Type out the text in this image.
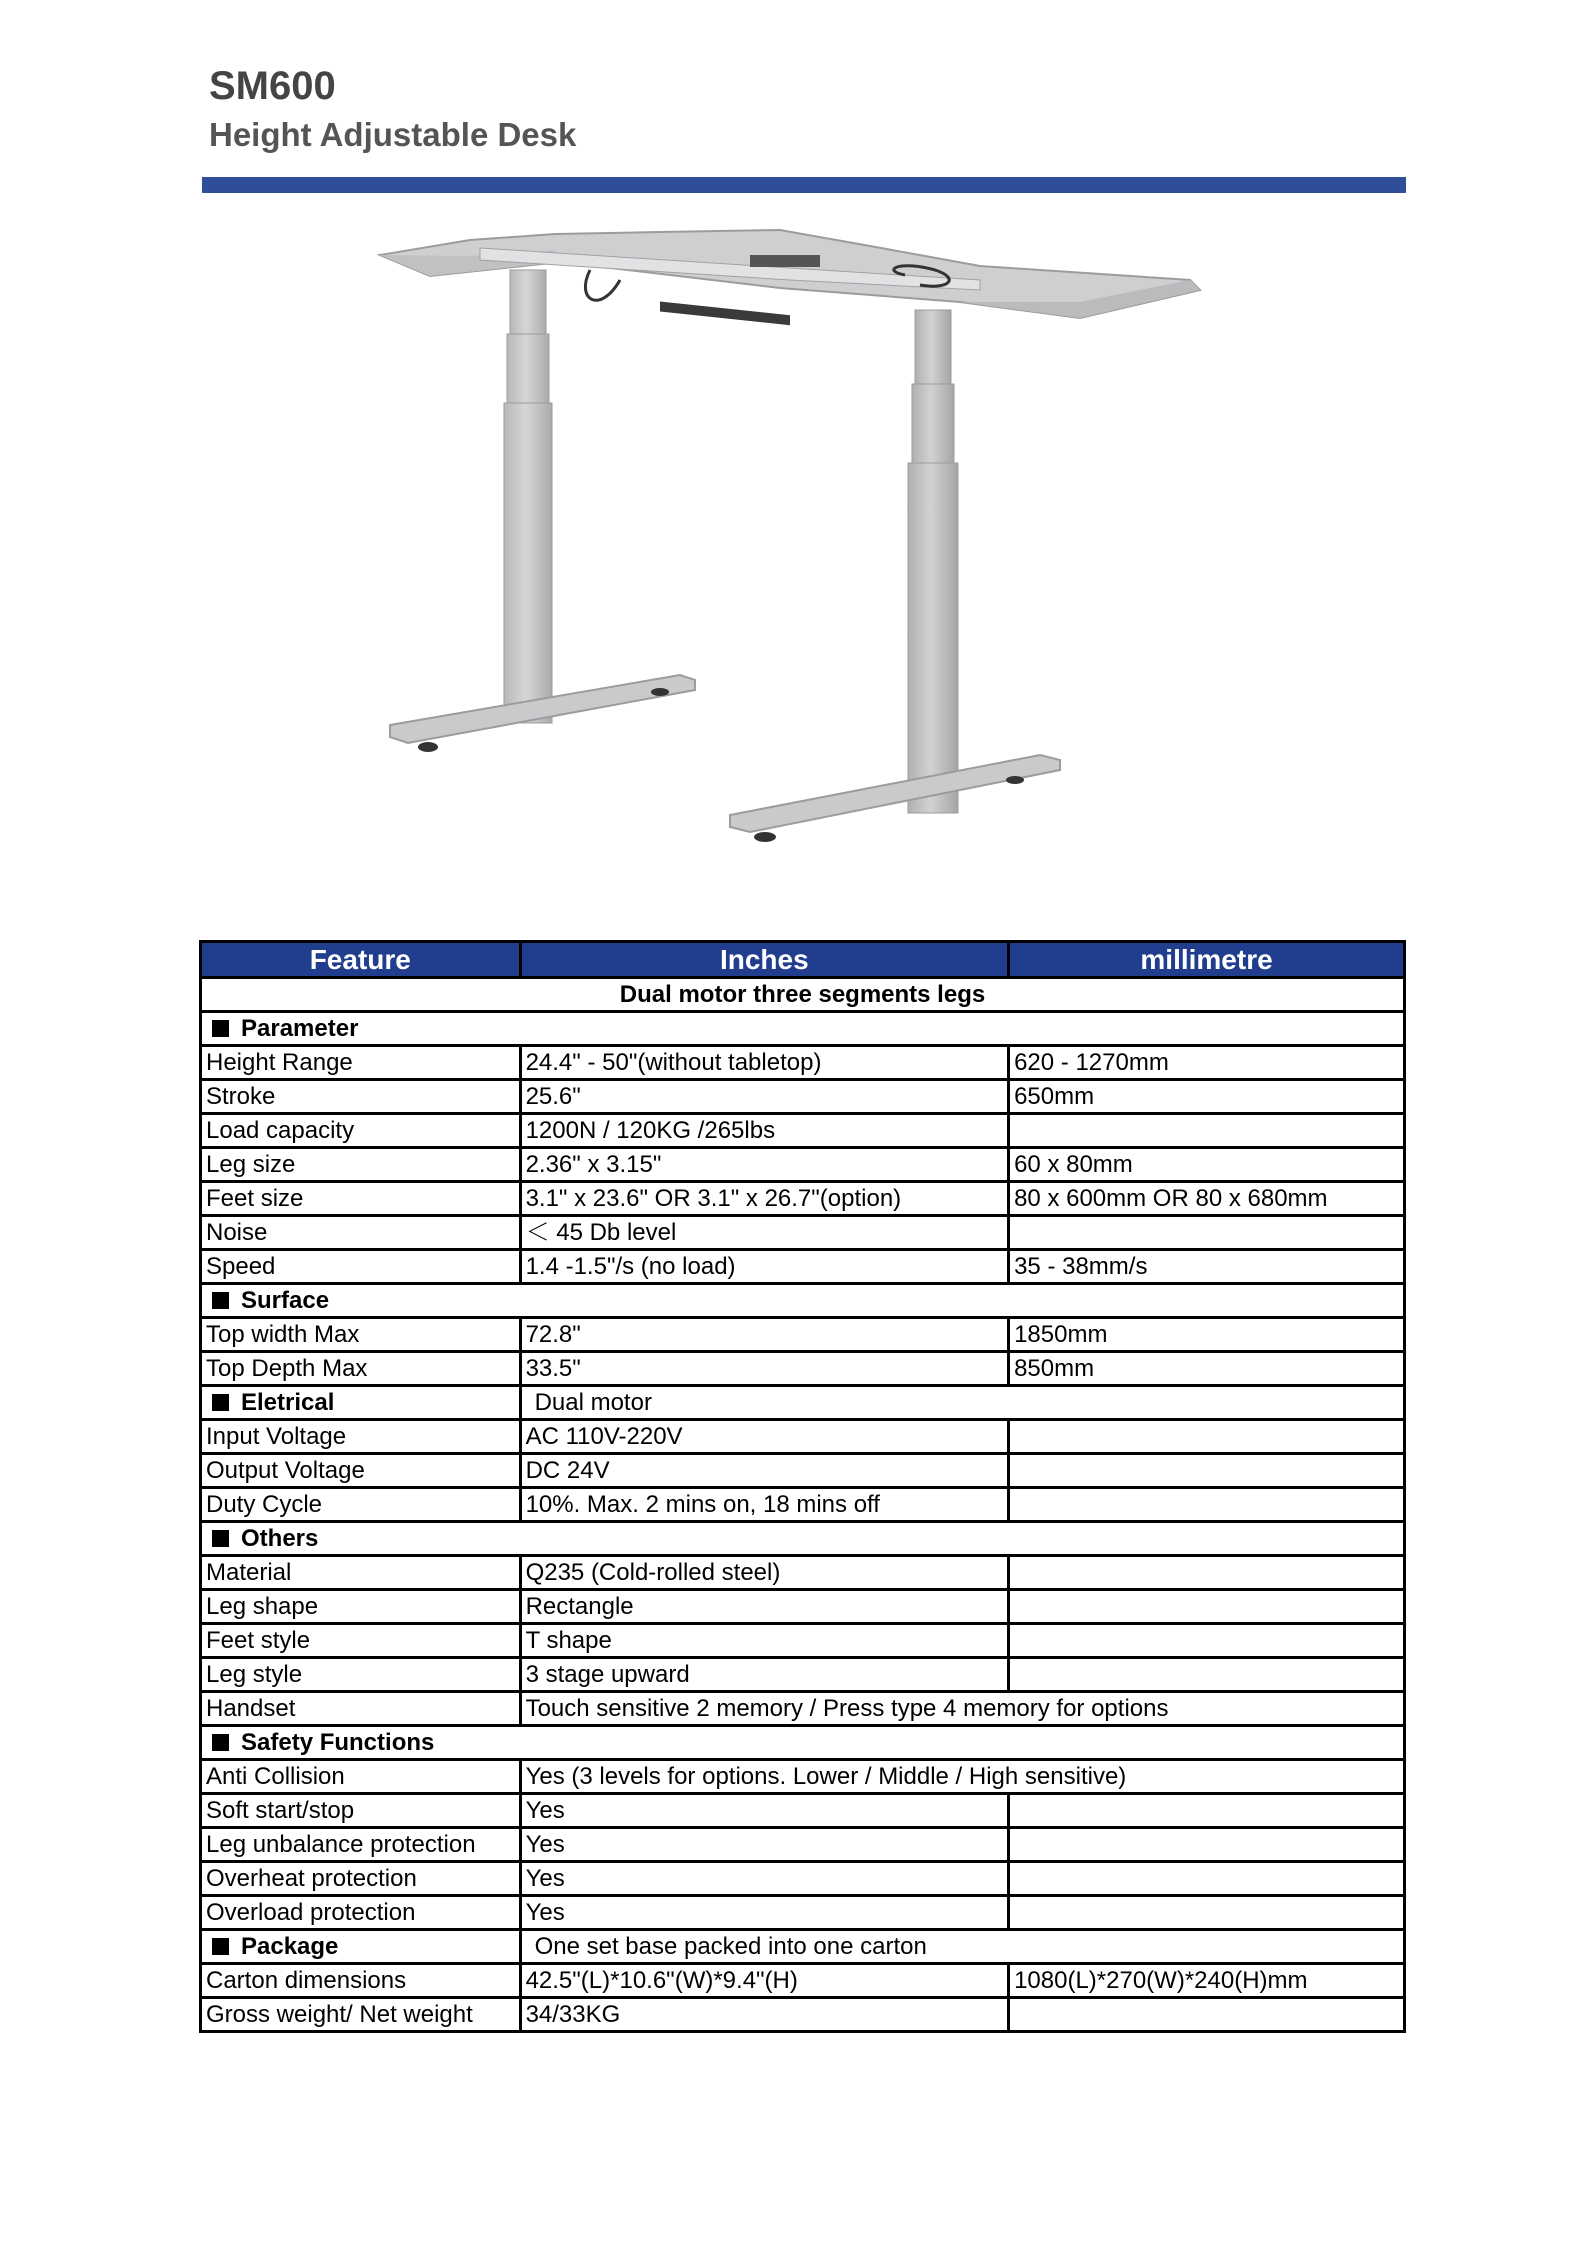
SM600
Height Adjustable Desk
Feature	Inches	millimetre
Dual motor three segments legs		
Parameter		
Height Range	24.4" - 50"(without tabletop)	620 - 1270mm
Stroke	25.6"	650mm
Load capacity	1200N / 120KG /265lbs	
Leg size	2.36" x 3.15"	60 x 80mm
Feet size	3.1" x 23.6" OR 3.1" x 26.7"(option)	80 x 600mm OR 80 x 680mm
Noise	＜ 45 Db level	
Speed	1.4 -1.5"/s (no load)	35 - 38mm/s
Surface		
Top width Max	72.8"	1850mm
Top Depth Max	33.5"	850mm
Eletrical	Dual motor	
Input Voltage	AC 110V-220V	
Output Voltage	DC 24V	
Duty Cycle	10%. Max. 2 mins on, 18 mins off	
Others		
Material	Q235 (Cold-rolled steel)	
Leg shape	Rectangle	
Feet style	T shape	
Leg style	3 stage upward	
Handset	Touch sensitive 2 memory / Press type 4 memory for options	
Safety Functions		
Anti Collision	Yes (3 levels for options. Lower / Middle / High sensitive)	
Soft start/stop	Yes	
Leg unbalance protection	Yes	
Overheat protection	Yes	
Overload protection	Yes	
Package	One set base packed into one carton	
Carton dimensions	42.5"(L)*10.6"(W)*9.4"(H)	1080(L)*270(W)*240(H)mm
Gross weight/ Net weight	34/33KG	
